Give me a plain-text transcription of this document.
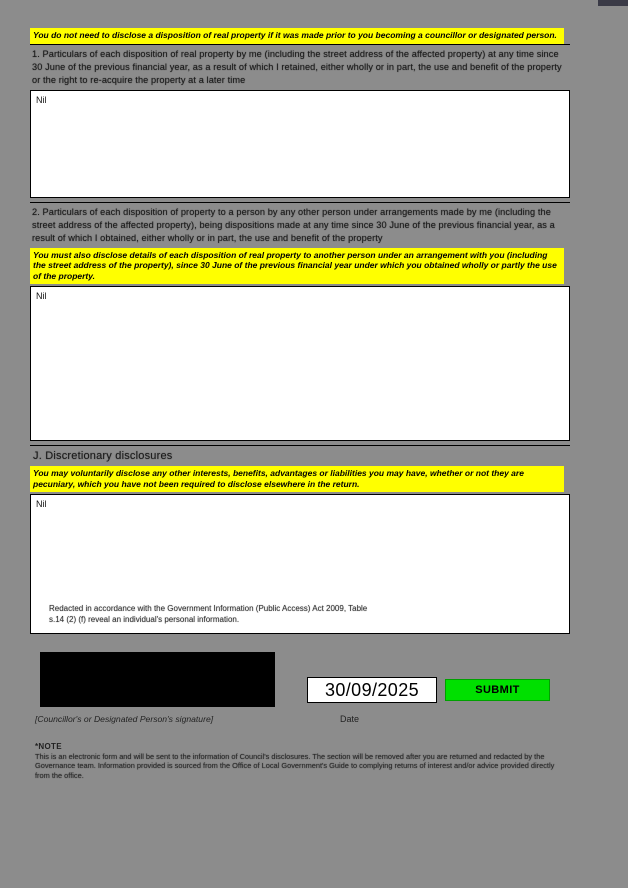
You do not need to disclose a disposition of real property if it was made prior to you becoming a councillor or designated person.
1. Particulars of each disposition of real property by me (including the street address of the affected property) at any time since 30 June of the previous financial year, as a result of which I retained, either wholly or in part, the use and benefit of the property or the right to re-acquire the property at a later time
Nil
2. Particulars of each disposition of property to a person by any other person under arrangements made by me (including the street address of the affected property), being dispositions made at any time since 30 June of the previous financial year, as a result of which I obtained, either wholly or in part, the use and benefit of the property
You must also disclose details of each disposition of real property to another person under an arrangement with you (including the street address of the property), since 30 June of the previous financial year under which you obtained wholly or partly the use of the property.
Nil
J. Discretionary disclosures
You may voluntarily disclose any other interests, benefits, advantages or liabilities you may have, whether or not they are pecuniary, which you have not been required to disclose elsewhere in the return.
Nil
Redacted in accordance with the Government Information (Public Access) Act 2009, Table s.14 (2) (f) reveal an individual's personal information.
30/09/2025	SUBMIT
[Councillor's or Designated Person's signature]	Date
*NOTE
This is an electronic form and will be sent to the information of Council's disclosures. The section will be removed after you are returned and redacted by the Governance team. Information provided is sourced from the Office of Local Government's Guide to complying returns of interest and/or advice provided directly from the office.
